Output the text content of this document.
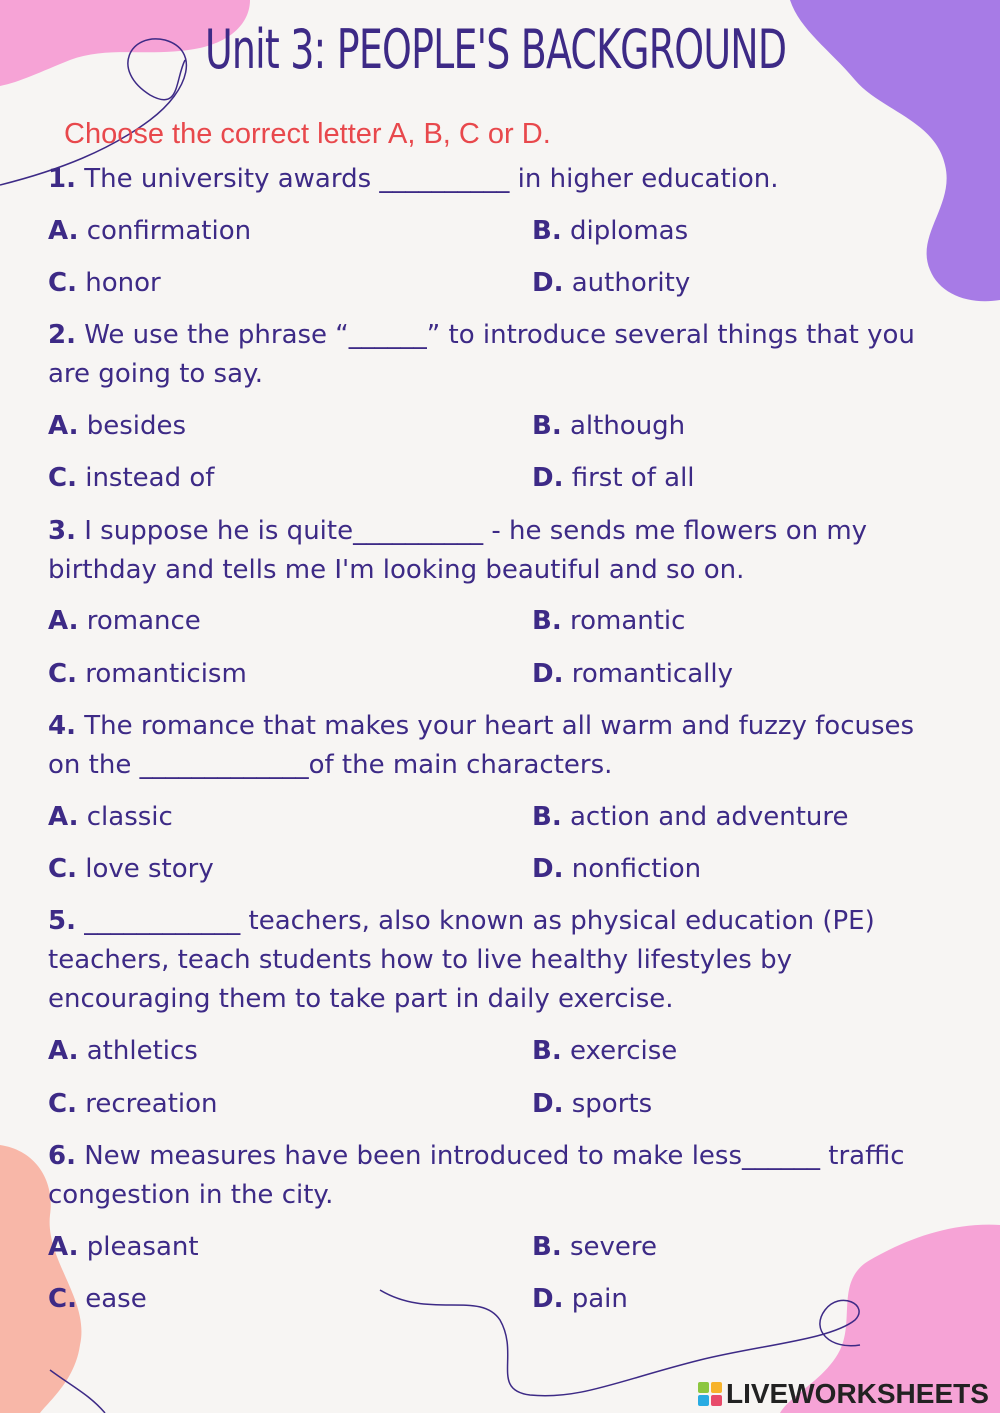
Unit 3: PEOPLE'S BACKGROUND
Choose the correct letter A, B, C or D.
1. The university awards __________ in higher education.
A. confirmation	B. diplomas
C. honor	D. authority
2. We use the phrase “______” to introduce several things that you are going to say.
A. besides	B. although
C. instead of	D. first of all
3. I suppose he is quite__________ - he sends me flowers on my birthday and tells me I'm looking beautiful and so on.
A. romance	B. romantic
C. romanticism	D. romantically
4. The romance that makes your heart all warm and fuzzy focuses on the _____________of the main characters.
A. classic	B. action and adventure
C. love story	D. nonfiction
5. ____________ teachers, also known as physical education (PE) teachers, teach students how to live healthy lifestyles by encouraging them to take part in daily exercise.
A. athletics	B. exercise
C. recreation	D. sports
6. New measures have been introduced to make less______ traffic congestion in the city.
A. pleasant	B. severe
C. ease	D. pain
LIVEWORKSHEETS
